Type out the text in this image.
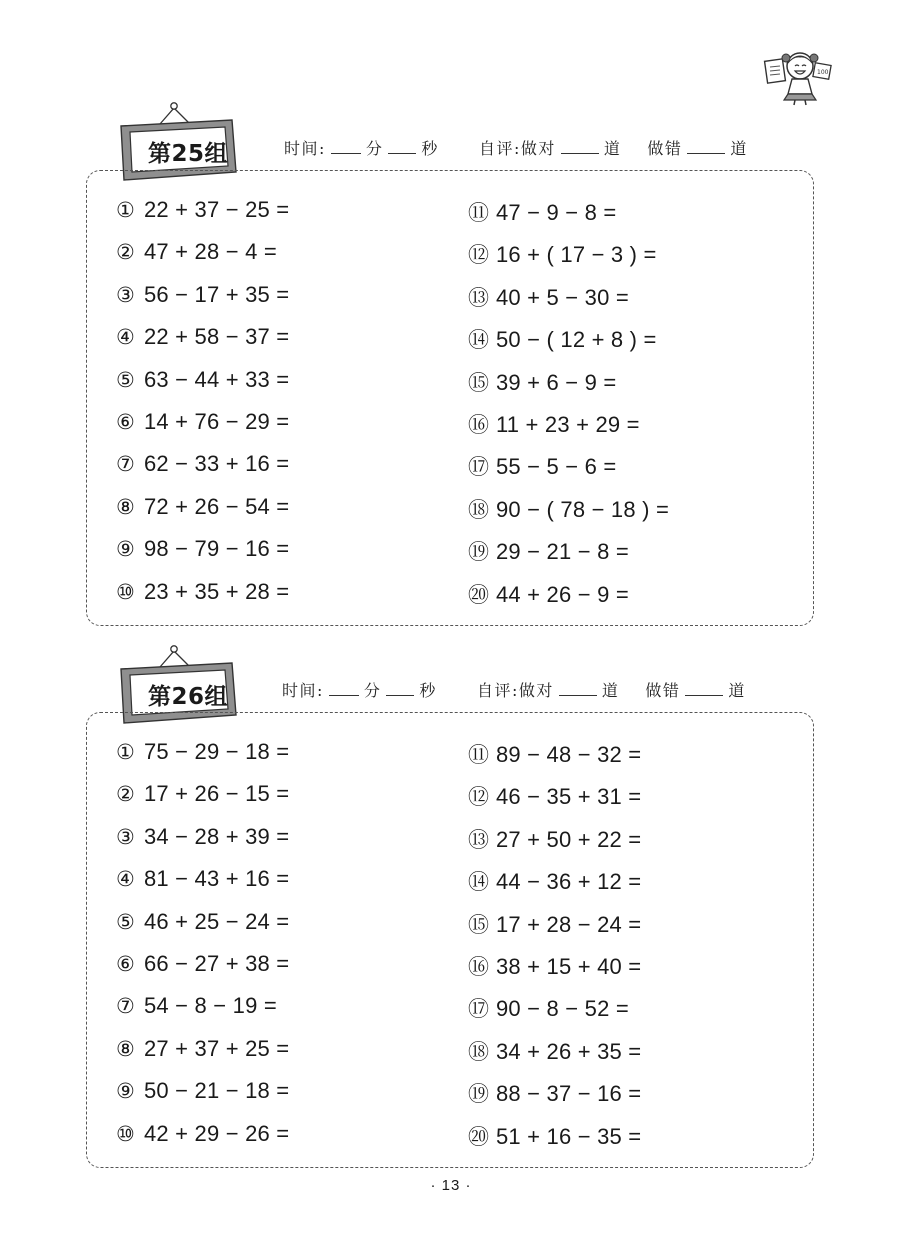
100
第25组	时间:	分 秒	自评:做对	道 做错	道
① 22 + 37 − 25 =
② 47 + 28 − 4 =
③ 56 − 17 + 35 =
④ 22 + 58 − 37 =
⑤ 63 − 44 + 33 =
⑥ 14 + 76 − 29 =
⑦ 62 − 33 + 16 =
⑧ 72 + 26 − 54 =
⑨ 98 − 79 − 16 =
⑩ 23 + 35 + 28 =
⑪ 47 − 9 − 8 =
⑫ 16 + ( 17 − 3 ) =
⑬ 40 + 5 − 30 =
⑭ 50 − ( 12 + 8 ) =
⑮ 39 + 6 − 9 =
⑯ 11 + 23 + 29 =
⑰ 55 − 5 − 6 =
⑱ 90 − ( 78 − 18 ) =
⑲ 29 − 21 − 8 =
⑳ 44 + 26 − 9 =
第26组	时间:	分 秒	自评:做对	道 做错	道
① 75 − 29 − 18 =
② 17 + 26 − 15 =
③ 34 − 28 + 39 =
④ 81 − 43 + 16 =
⑤ 46 + 25 − 24 =
⑥ 66 − 27 + 38 =
⑦ 54 − 8 − 19 =
⑧ 27 + 37 + 25 =
⑨ 50 − 21 − 18 =
⑩ 42 + 29 − 26 =
⑪ 89 − 48 − 32 =
⑫ 46 − 35 + 31 =
⑬ 27 + 50 + 22 =
⑭ 44 − 36 + 12 =
⑮ 17 + 28 − 24 =
⑯ 38 + 15 + 40 =
⑰ 90 − 8 − 52 =
⑱ 34 + 26 + 35 =
⑲ 88 − 37 − 16 =
⑳ 51 + 16 − 35 =
· 13 ·
